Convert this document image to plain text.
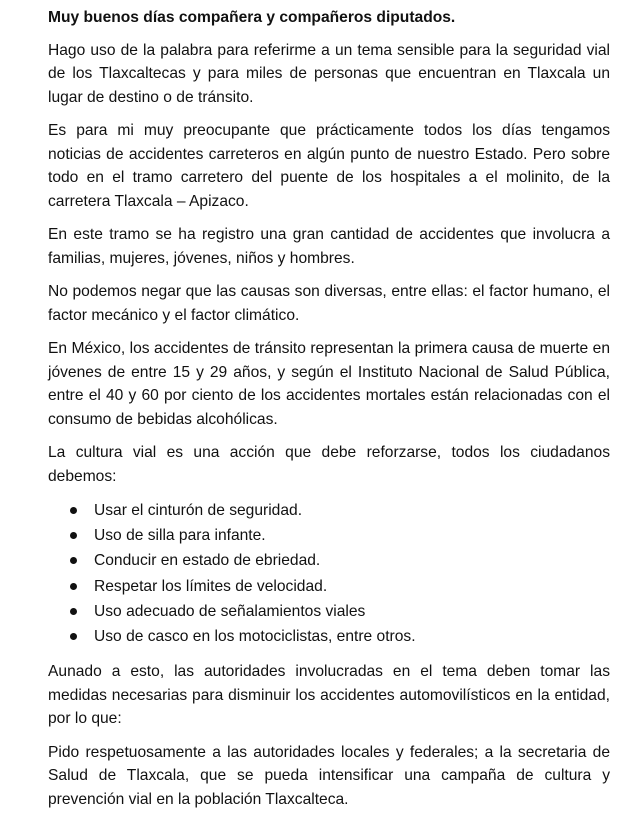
Muy buenos días compañera y compañeros diputados.

Hago uso de la palabra para referirme a un tema sensible para la seguridad vial de los Tlaxcaltecas y para miles de personas que encuentran en Tlaxcala un lugar de destino o de tránsito.

Es para mi muy preocupante que prácticamente todos los días tengamos noticias de accidentes carreteros en algún punto de nuestro Estado. Pero sobre todo en el tramo carretero del puente de los hospitales a el molinito, de la carretera Tlaxcala – Apizaco.

En este tramo se ha registro una gran cantidad de accidentes que involucra a familias, mujeres, jóvenes, niños y hombres.

No podemos negar que las causas son diversas, entre ellas: el factor humano, el factor mecánico y el factor climático.

En México, los accidentes de tránsito representan la primera causa de muerte en jóvenes de entre 15 y 29 años, y según el Instituto Nacional de Salud Pública, entre el 40 y 60 por ciento de los accidentes mortales están relacionadas con el consumo de bebidas alcohólicas.

La cultura vial es una acción que debe reforzarse, todos los ciudadanos debemos:

Usar el cinturón de seguridad.
Uso de silla para infante.
Conducir en estado de ebriedad.
Respetar los límites de velocidad.
Uso adecuado de señalamientos viales
Uso de casco en los motociclistas, entre otros.

Aunado a esto, las autoridades involucradas en el tema deben tomar las medidas necesarias para disminuir los accidentes automovilísticos en la entidad, por lo que:

Pido respetuosamente a las autoridades locales y federales; a la secretaria de Salud de Tlaxcala, que se pueda intensificar una campaña de cultura y prevención vial en la población Tlaxcalteca.
